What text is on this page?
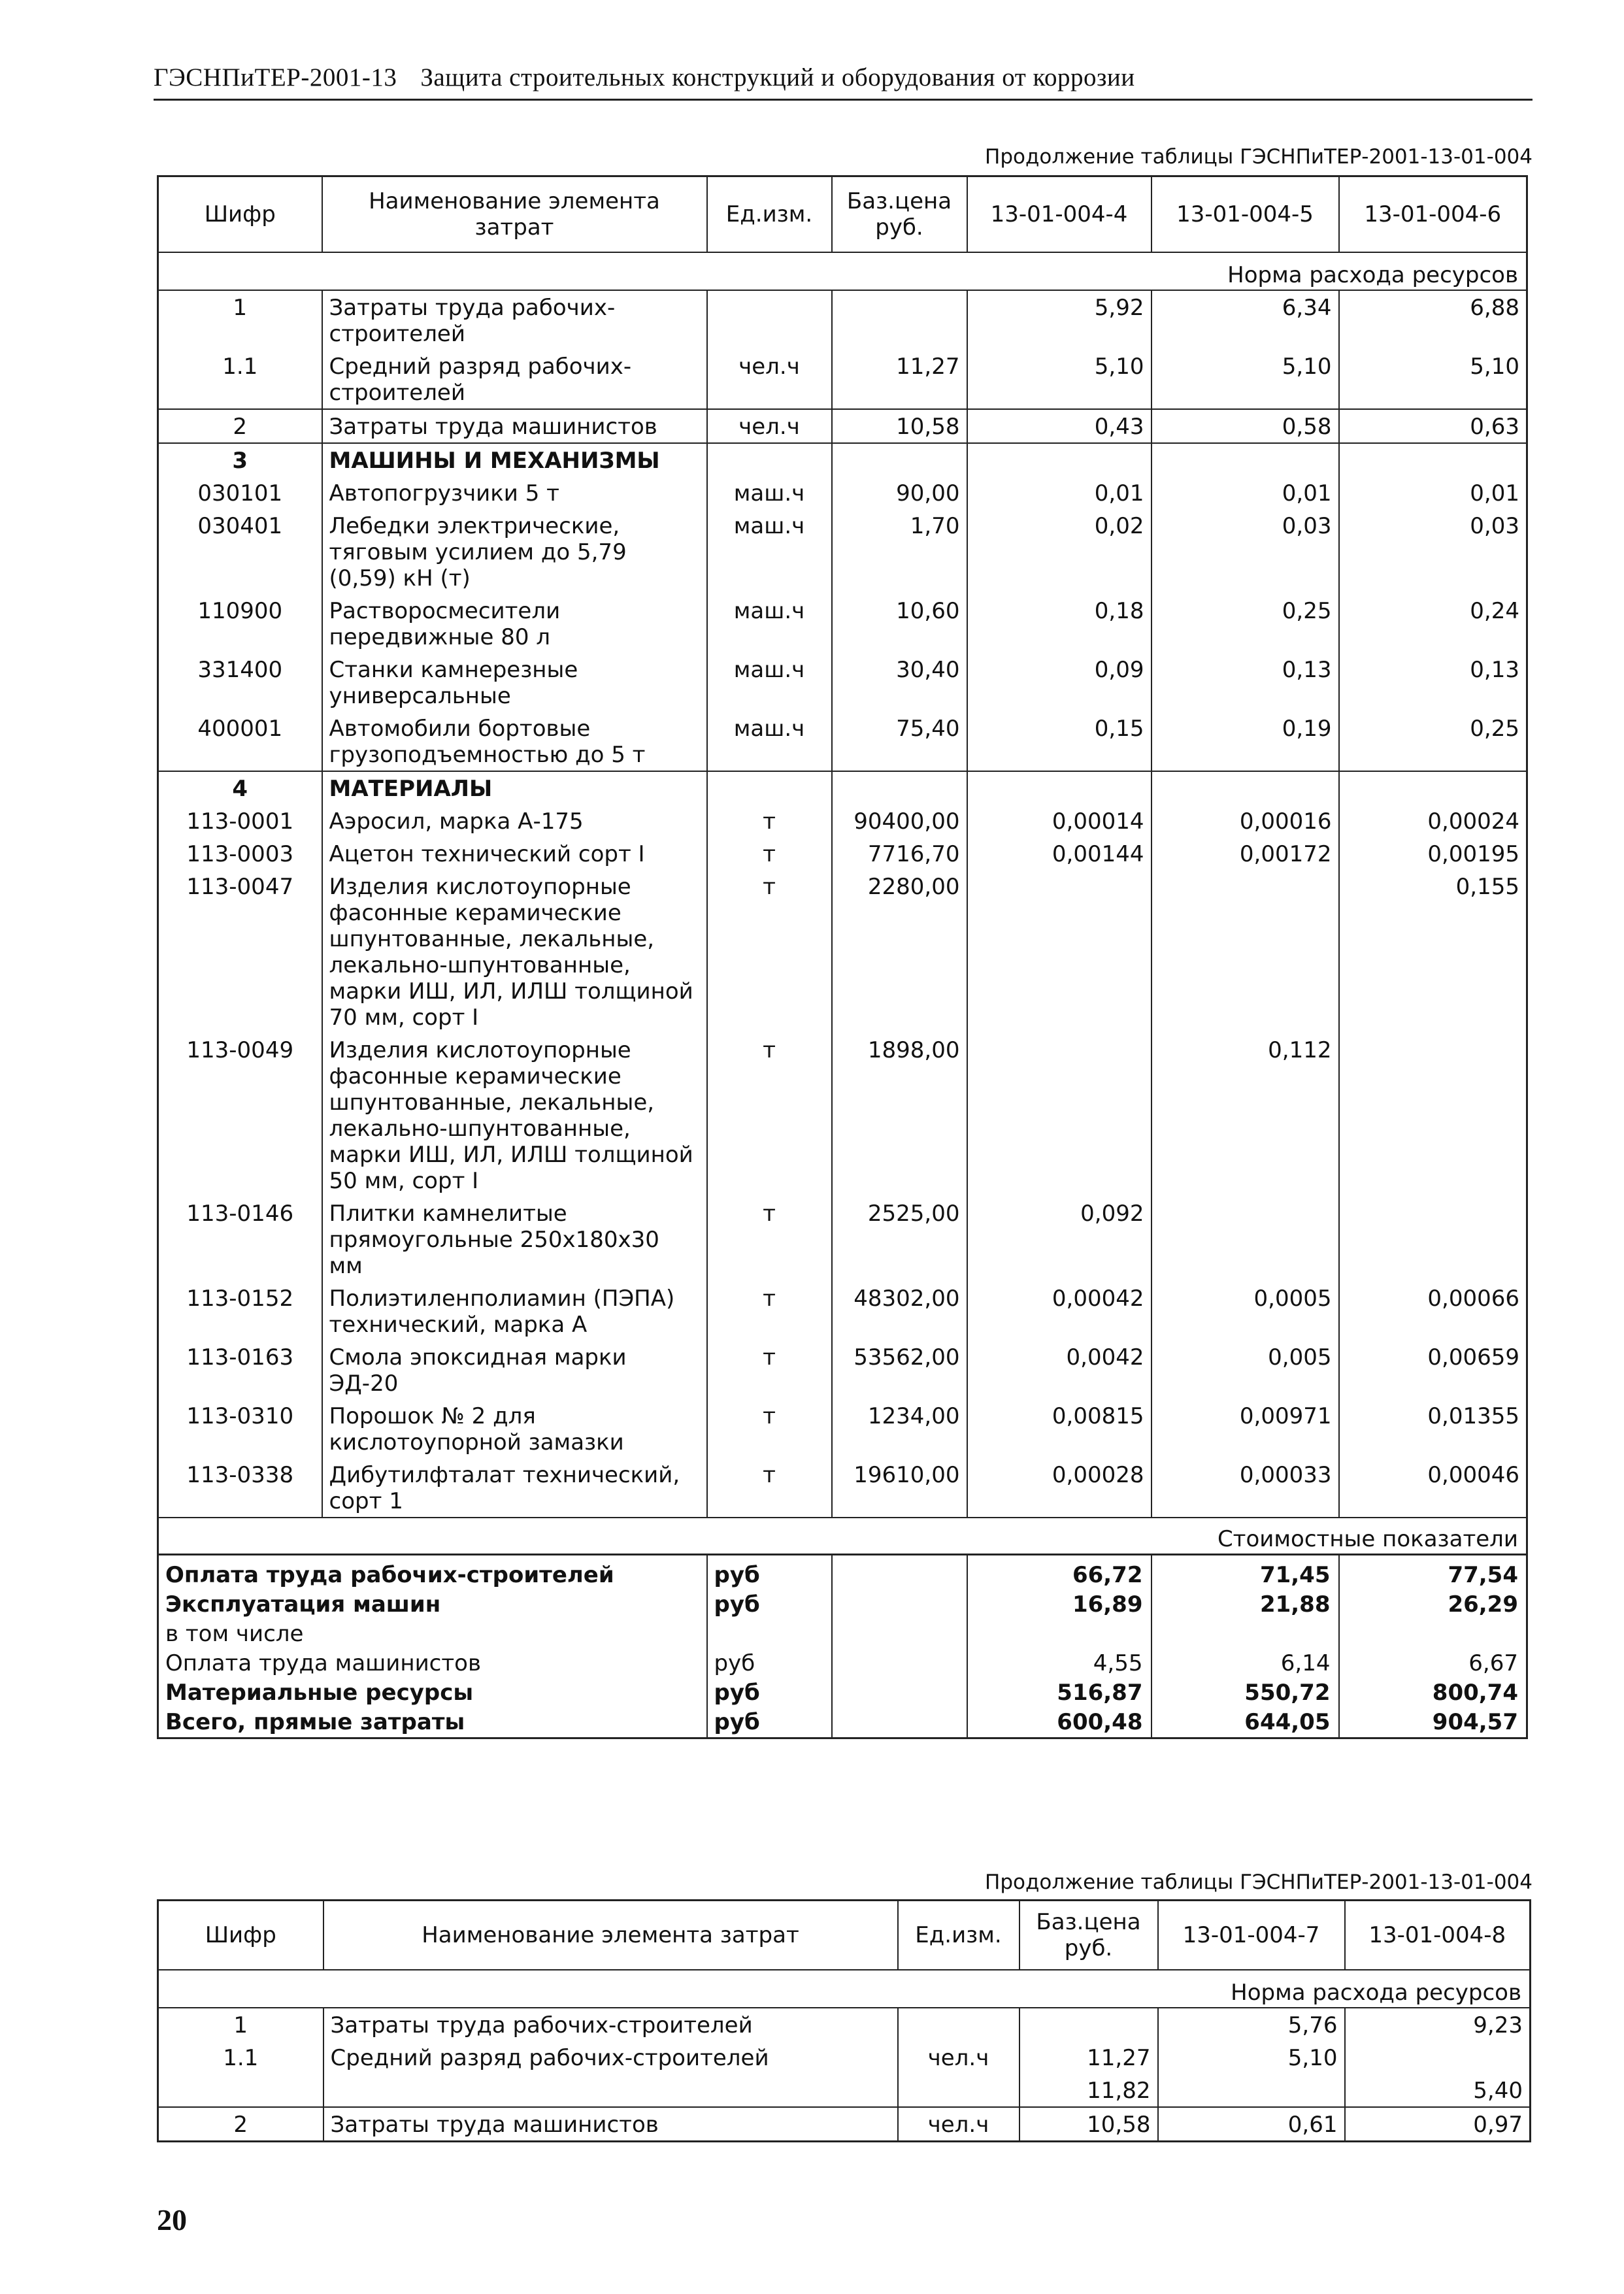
ГЭСНПиТЕР-2001-13 Защита строительных конструкций и оборудования от коррозии
Продолжение таблицы ГЭСНПиТЕР-2001-13-01-004
Шифр	Наименование элемента затрат	Ед.изм.	Баз.цена руб.	13-01-004-4	13-01-004-5	13-01-004-6
Норма расхода ресурсов						
1	Затраты труда рабочих-строителей			5,92	6,34	6,88
1.1	Средний разряд рабочих-строителей	чел.ч	11,27	5,10	5,10	5,10
2	Затраты труда машинистов	чел.ч	10,58	0,43	0,58	0,63
3	МАШИНЫ И МЕХАНИЗМЫ					
030101	Автопогрузчики 5 т	маш.ч	90,00	0,01	0,01	0,01
030401	Лебедки электрические, тяговым усилием до 5,79 (0,59) кН (т)	маш.ч	1,70	0,02	0,03	0,03
110900	Растворосмесители передвижные 80 л	маш.ч	10,60	0,18	0,25	0,24
331400	Станки камнерезные универсальные	маш.ч	30,40	0,09	0,13	0,13
400001	Автомобили бортовые грузоподъемностью до 5 т	маш.ч	75,40	0,15	0,19	0,25
4	МАТЕРИАЛЫ					
113-0001	Аэросил, марка А-175	т	90400,00	0,00014	0,00016	0,00024
113-0003	Ацетон технический сорт I	т	7716,70	0,00144	0,00172	0,00195
113-0047	Изделия кислотоупорные фасонные керамические шпунтованные, лекальные, лекально-шпунтованные, марки ИШ, ИЛ, ИЛШ толщиной 70 мм, сорт I	т	2280,00			0,155
113-0049	Изделия кислотоупорные фасонные керамические шпунтованные, лекальные, лекально-шпунтованные, марки ИШ, ИЛ, ИЛШ толщиной 50 мм, сорт I	т	1898,00		0,112	
113-0146	Плитки камнелитые прямоугольные 250х180х30 мм	т	2525,00	0,092		
113-0152	Полиэтиленполиамин (ПЭПА) технический, марка А	т	48302,00	0,00042	0,0005	0,00066
113-0163	Смола эпоксидная марки ЭД-20	т	53562,00	0,0042	0,005	0,00659
113-0310	Порошок № 2 для кислотоупорной замазки	т	1234,00	0,00815	0,00971	0,01355
113-0338	Дибутилфталат технический, сорт 1	т	19610,00	0,00028	0,00033	0,00046
Стоимостные показатели						
Оплата труда рабочих-строителей		руб		66,72	71,45	77,54
Эксплуатация машин		руб		16,89	21,88	26,29
в том числе						
Оплата труда машинистов		руб		4,55	6,14	6,67
Материальные ресурсы		руб		516,87	550,72	800,74
Всего, прямые затраты		руб		600,48	644,05	904,57
Продолжение таблицы ГЭСНПиТЕР-2001-13-01-004
Шифр	Наименование элемента затрат	Ед.изм.	Баз.цена руб.	13-01-004-7	13-01-004-8
Норма расхода ресурсов					
1	Затраты труда рабочих-строителей			5,76	9,23
1.1	Средний разряд рабочих-строителей	чел.ч	11,27	5,10	
			11,82		5,40
2	Затраты труда машинистов	чел.ч	10,58	0,61	0,97
20
